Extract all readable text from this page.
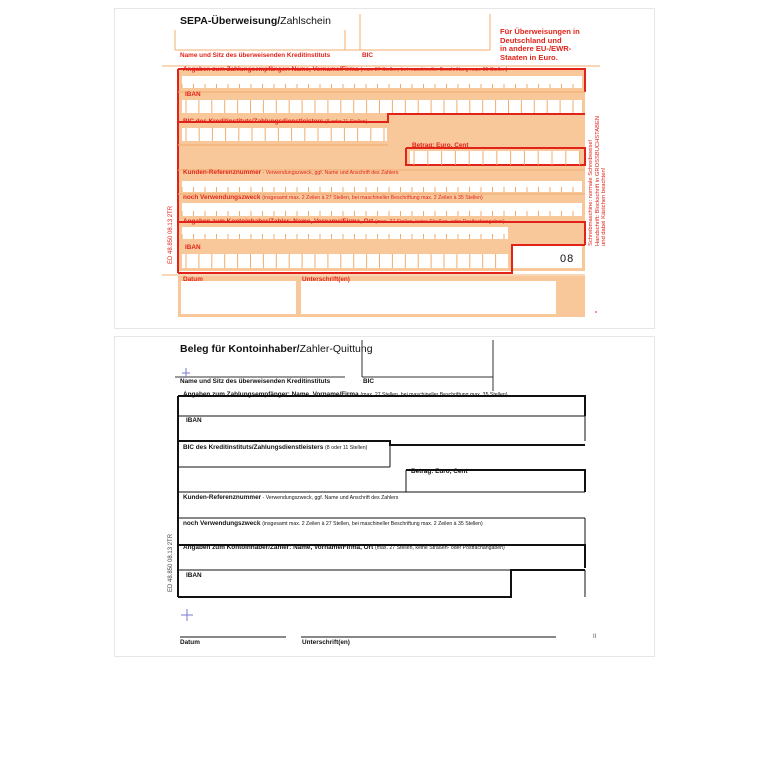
SEPA-Überweisung/Zahlschein
Name und Sitz des überweisenden Kreditinstituts	BIC
Für Überweisungen in
Deutschland und
in andere EU-/EWR-
Staaten in Euro.
Angaben zum Zahlungsempfänger: Name, Vorname/Firma (max. 27 Stellen, bei maschineller Beschriftung max. 35 Stellen)
IBAN
BIC des Kreditinstituts/Zahlungsdienstleisters (8 oder 11 Stellen)
Betrag: Euro, Cent
Kunden-Referenznummer - Verwendungszweck, ggf. Name und Anschrift des Zahlers
noch Verwendungszweck (insgesamt max. 2 Zeilen à 27 Stellen, bei maschineller Beschriftung max. 2 Zeilen à 35 Stellen)
Angaben zum Kontoinhaber/Zahler: Name, Vorname/Firma, Ort (max. 27 Stellen, keine Straßen- oder Postfachangaben)
IBAN
08
Datum	Unterschrift(en)
ED 48.850 08.13 2TR	Schreibmaschine: normale Schreibweise! Handschrift: Blockschrift in GROSSBUCHSTABEN und dabei Kästchen beachten!
Beleg für Kontoinhaber/Zahler-Quittung
Name und Sitz des überweisenden Kreditinstituts	BIC
Angaben zum Zahlungsempfänger: Name, Vorname/Firma (max. 27 Stellen, bei maschineller Beschriftung max. 35 Stellen)
IBAN
BIC des Kreditinstituts/Zahlungsdienstleisters (8 oder 11 Stellen)
Betrag: Euro, Cent
Kunden-Referenznummer - Verwendungszweck, ggf. Name und Anschrift des Zahlers
noch Verwendungszweck (insgesamt max. 2 Zeilen à 27 Stellen, bei maschineller Beschriftung max. 2 Zeilen à 35 Stellen)
Angaben zum Kontoinhaber/Zahler: Name, Vorname/Firma, Ort (max. 27 Stellen, keine Straßen- oder Postfachangaben)
IBAN
Datum	Unterschrift(en)
ED 48.850 08.13 2TR
II
